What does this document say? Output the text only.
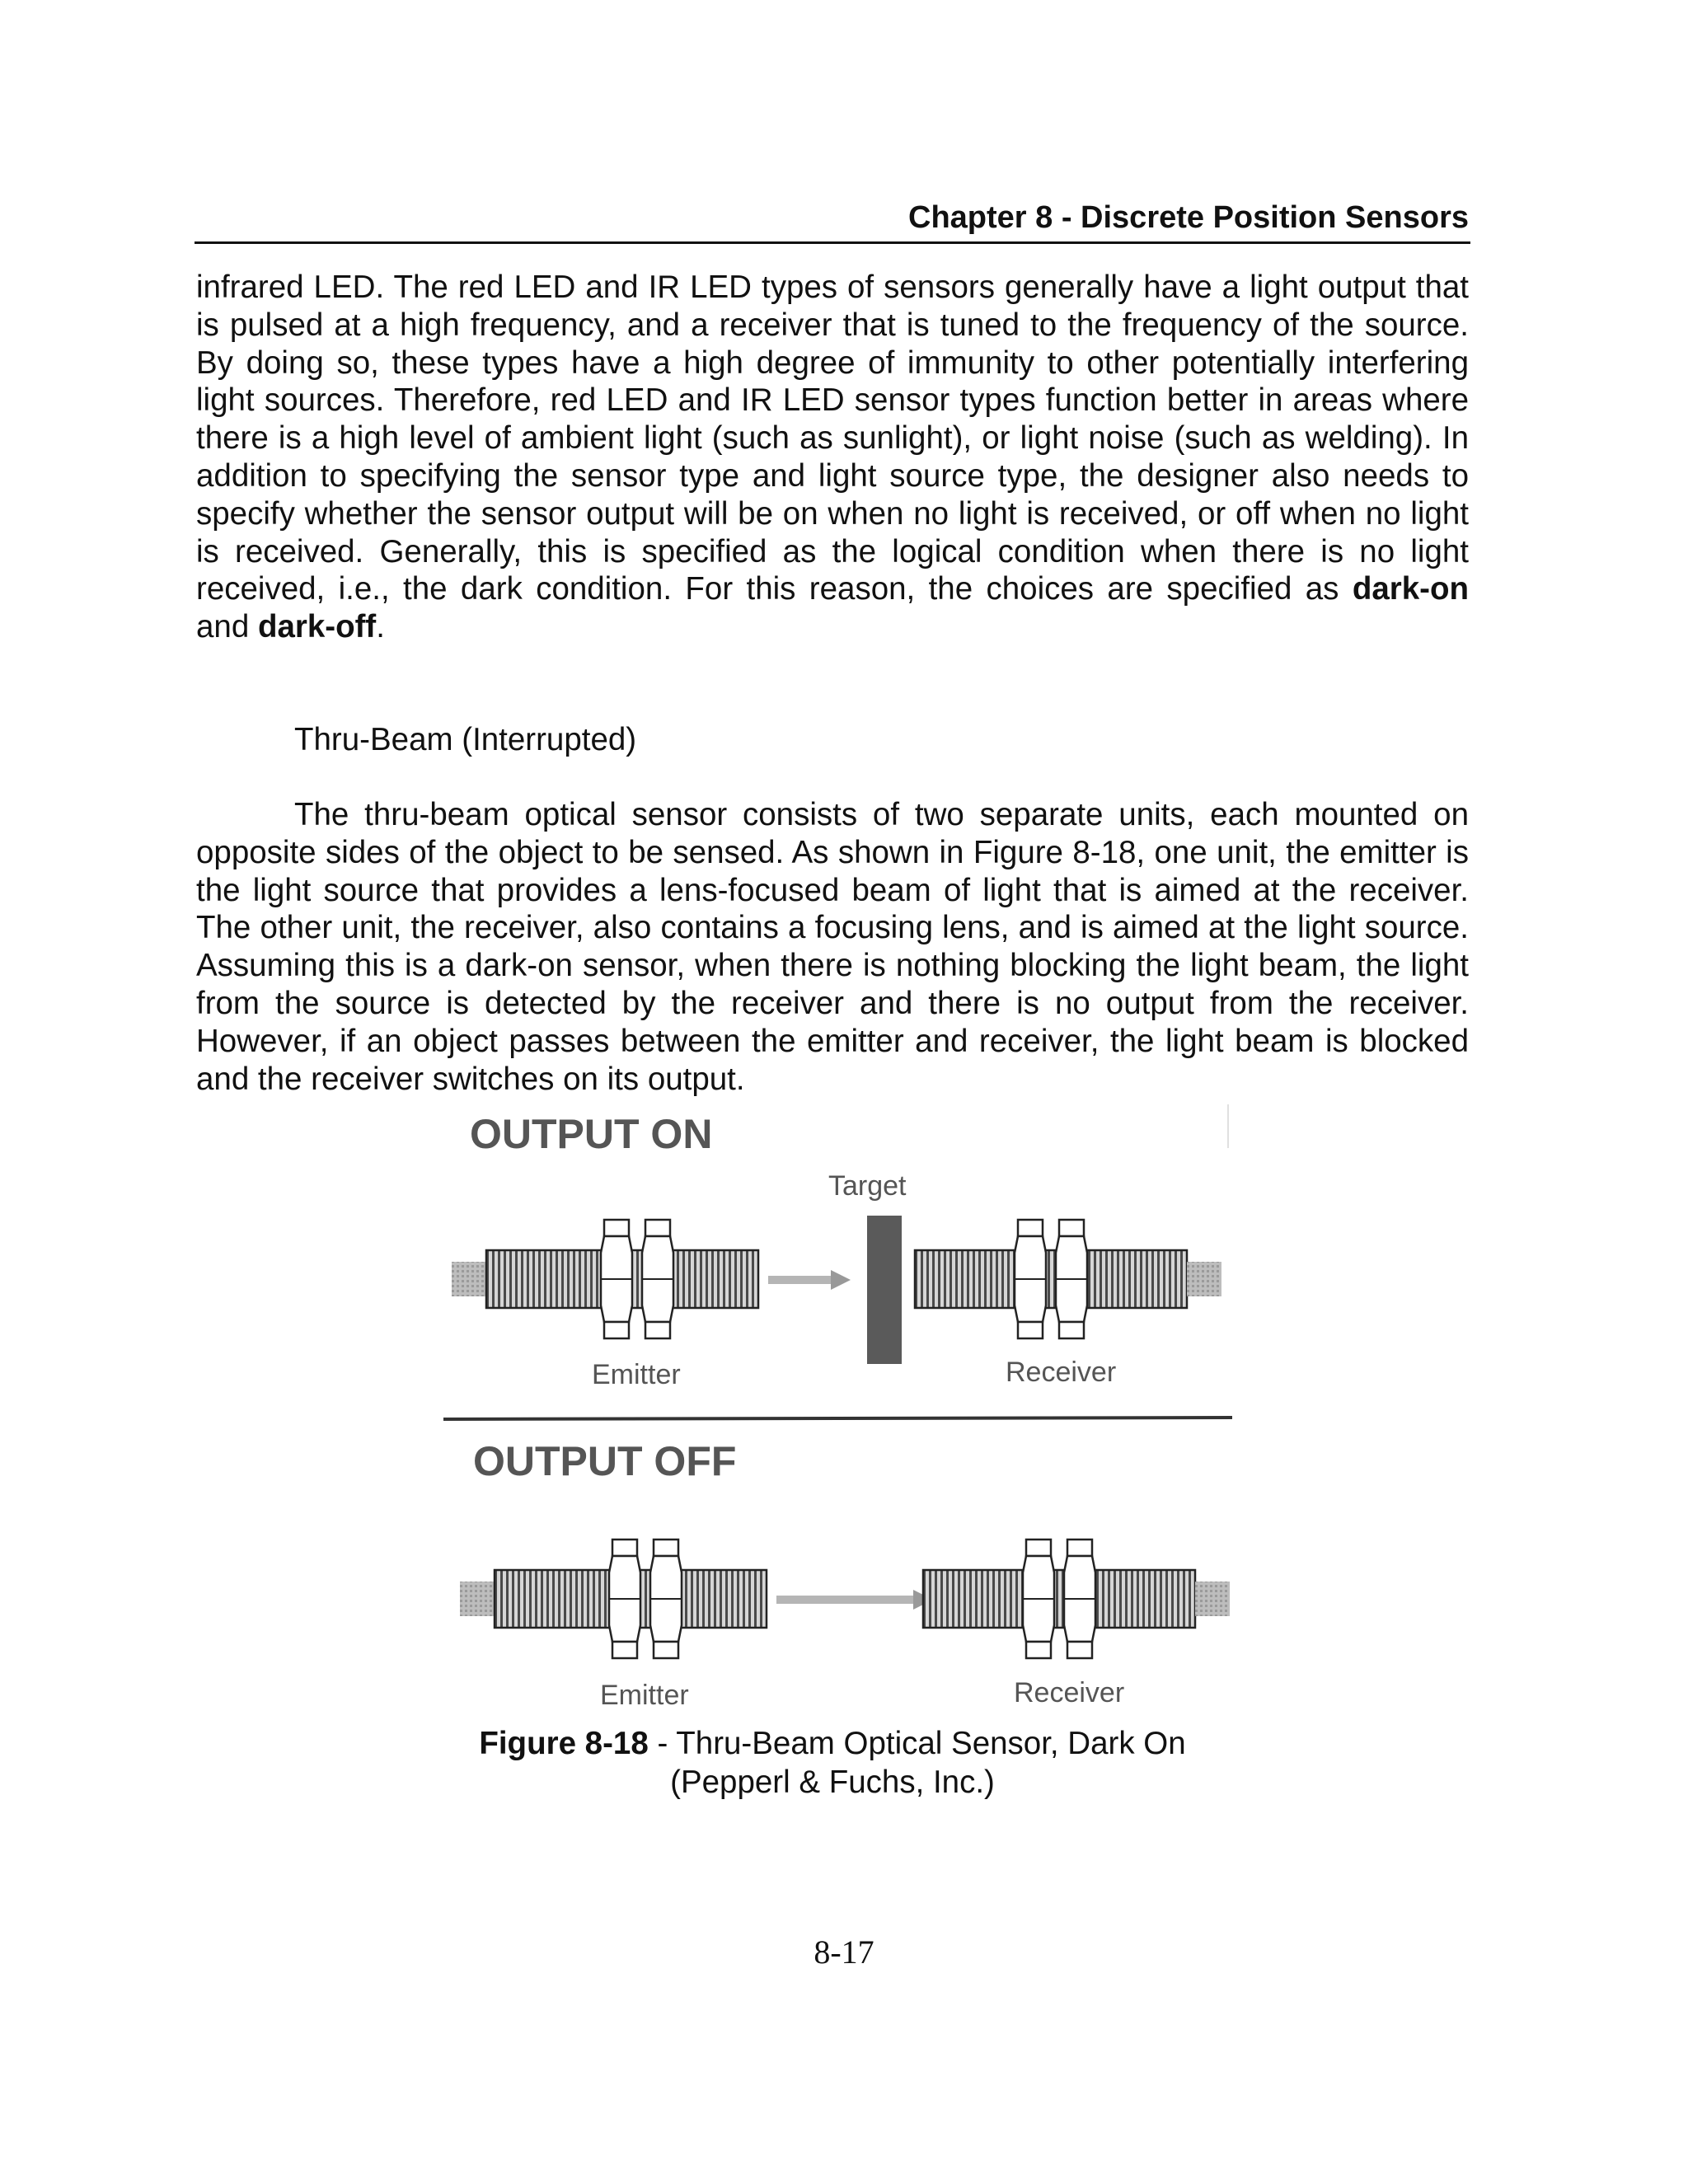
Chapter 8 - Discrete Position Sensors

infrared LED. The red LED and IR LED types of sensors generally have a light output that is pulsed at a high frequency, and a receiver that is tuned to the frequency of the source. By doing so, these types have a high degree of immunity to other potentially interfering light sources. Therefore, red LED and IR LED sensor types function better in areas where there is a high level of ambient light (such as sunlight), or light noise (such as welding). In addition to specifying the sensor type and light source type, the designer also needs to specify whether the sensor output will be on when no light is received, or off when no light is received. Generally, this is specified as the logical condition when there is no light received, i.e., the dark condition. For this reason, the choices are specified as dark-on and dark-off.

Thru-Beam (Interrupted)

The thru-beam optical sensor consists of two separate units, each mounted on opposite sides of the object to be sensed. As shown in Figure 8-18, one unit, the emitter is the light source that provides a lens-focused beam of light that is aimed at the receiver. The other unit, the receiver, also contains a focusing lens, and is aimed at the light source. Assuming this is a dark-on sensor, when there is nothing blocking the light beam, the light from the source is detected by the receiver and there is no output from the receiver. However, if an object passes between the emitter and receiver, the light beam is blocked and the receiver switches on its output.

OUTPUT ON
Target
Emitter	Receiver
OUTPUT OFF
Emitter	Receiver
Figure 8-18 - Thru-Beam Optical Sensor, Dark On
(Pepperl & Fuchs, Inc.)
8-17
